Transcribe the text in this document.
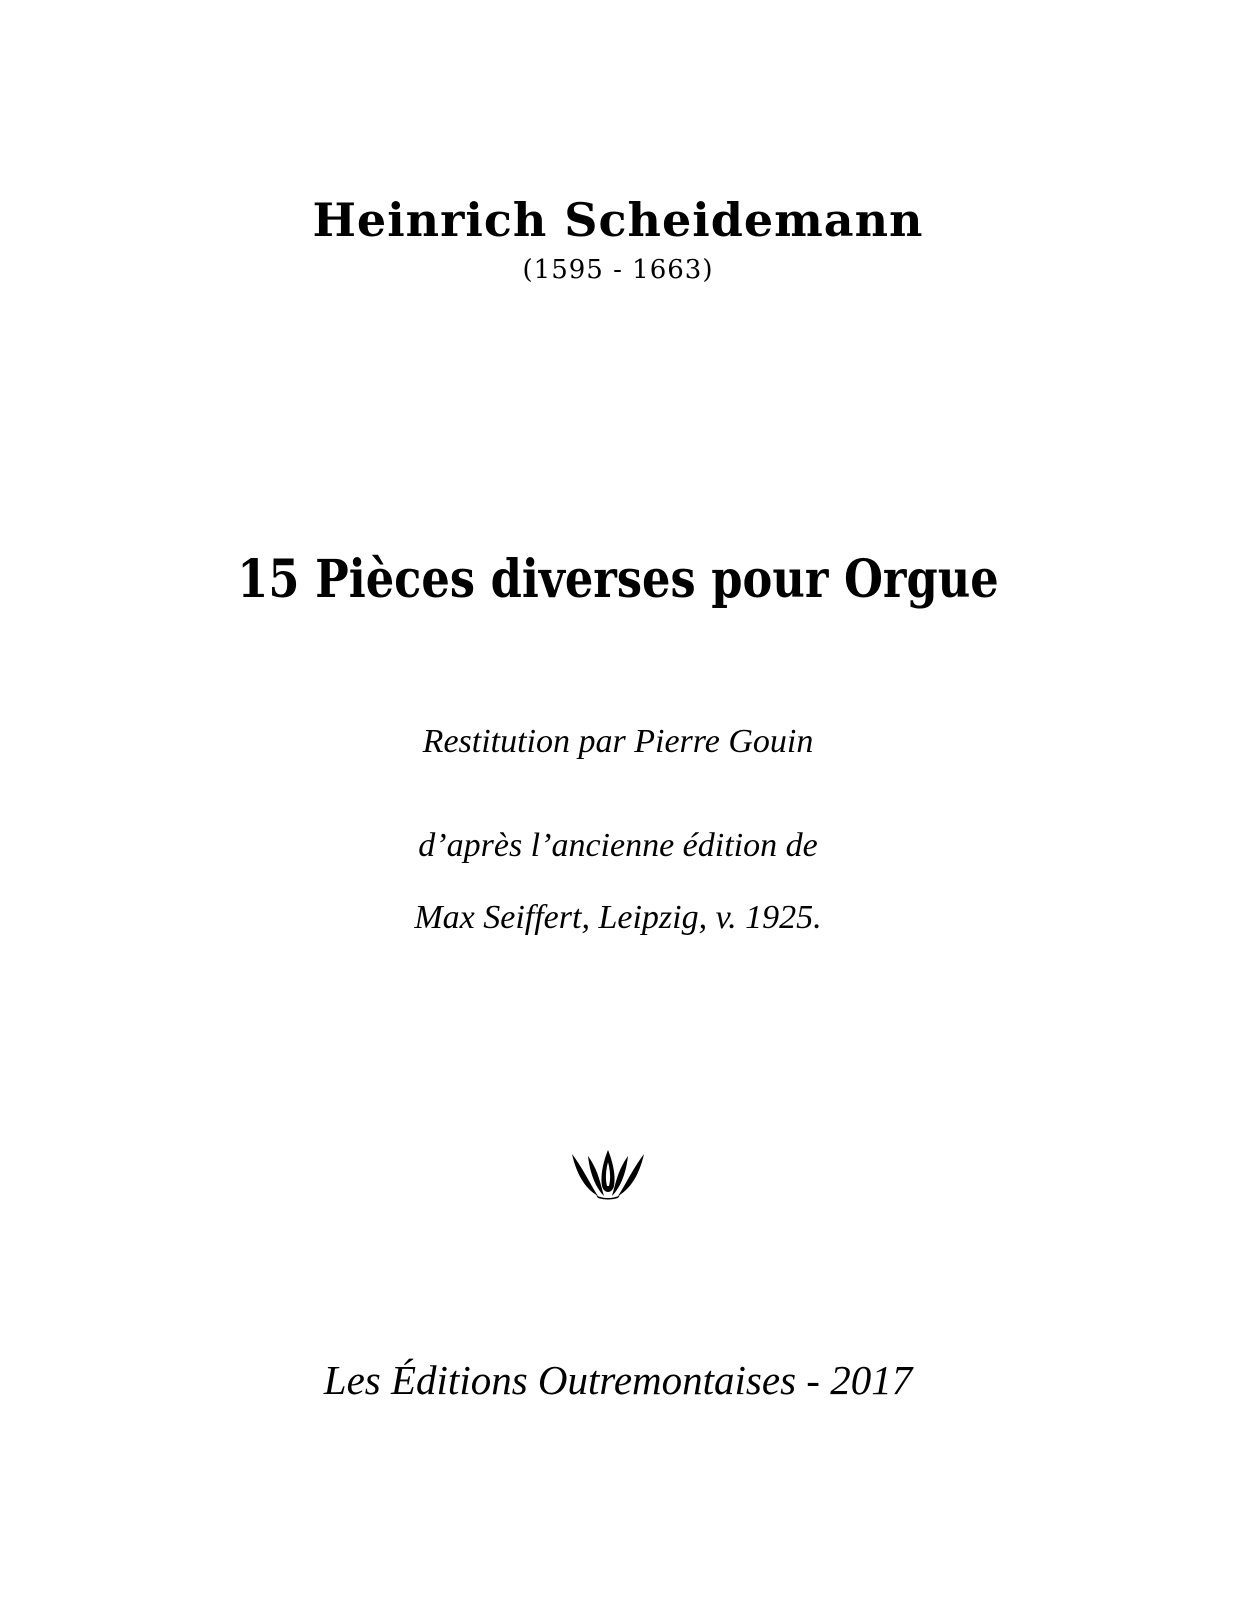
Heinrich Scheidemann
(1595 - 1663)
15 Pièces diverses pour Orgue
Restitution par Pierre Gouin
d’après l’ancienne édition de
Max Seiffert, Leipzig, v. 1925.
Les Éditions Outremontaises - 2017
